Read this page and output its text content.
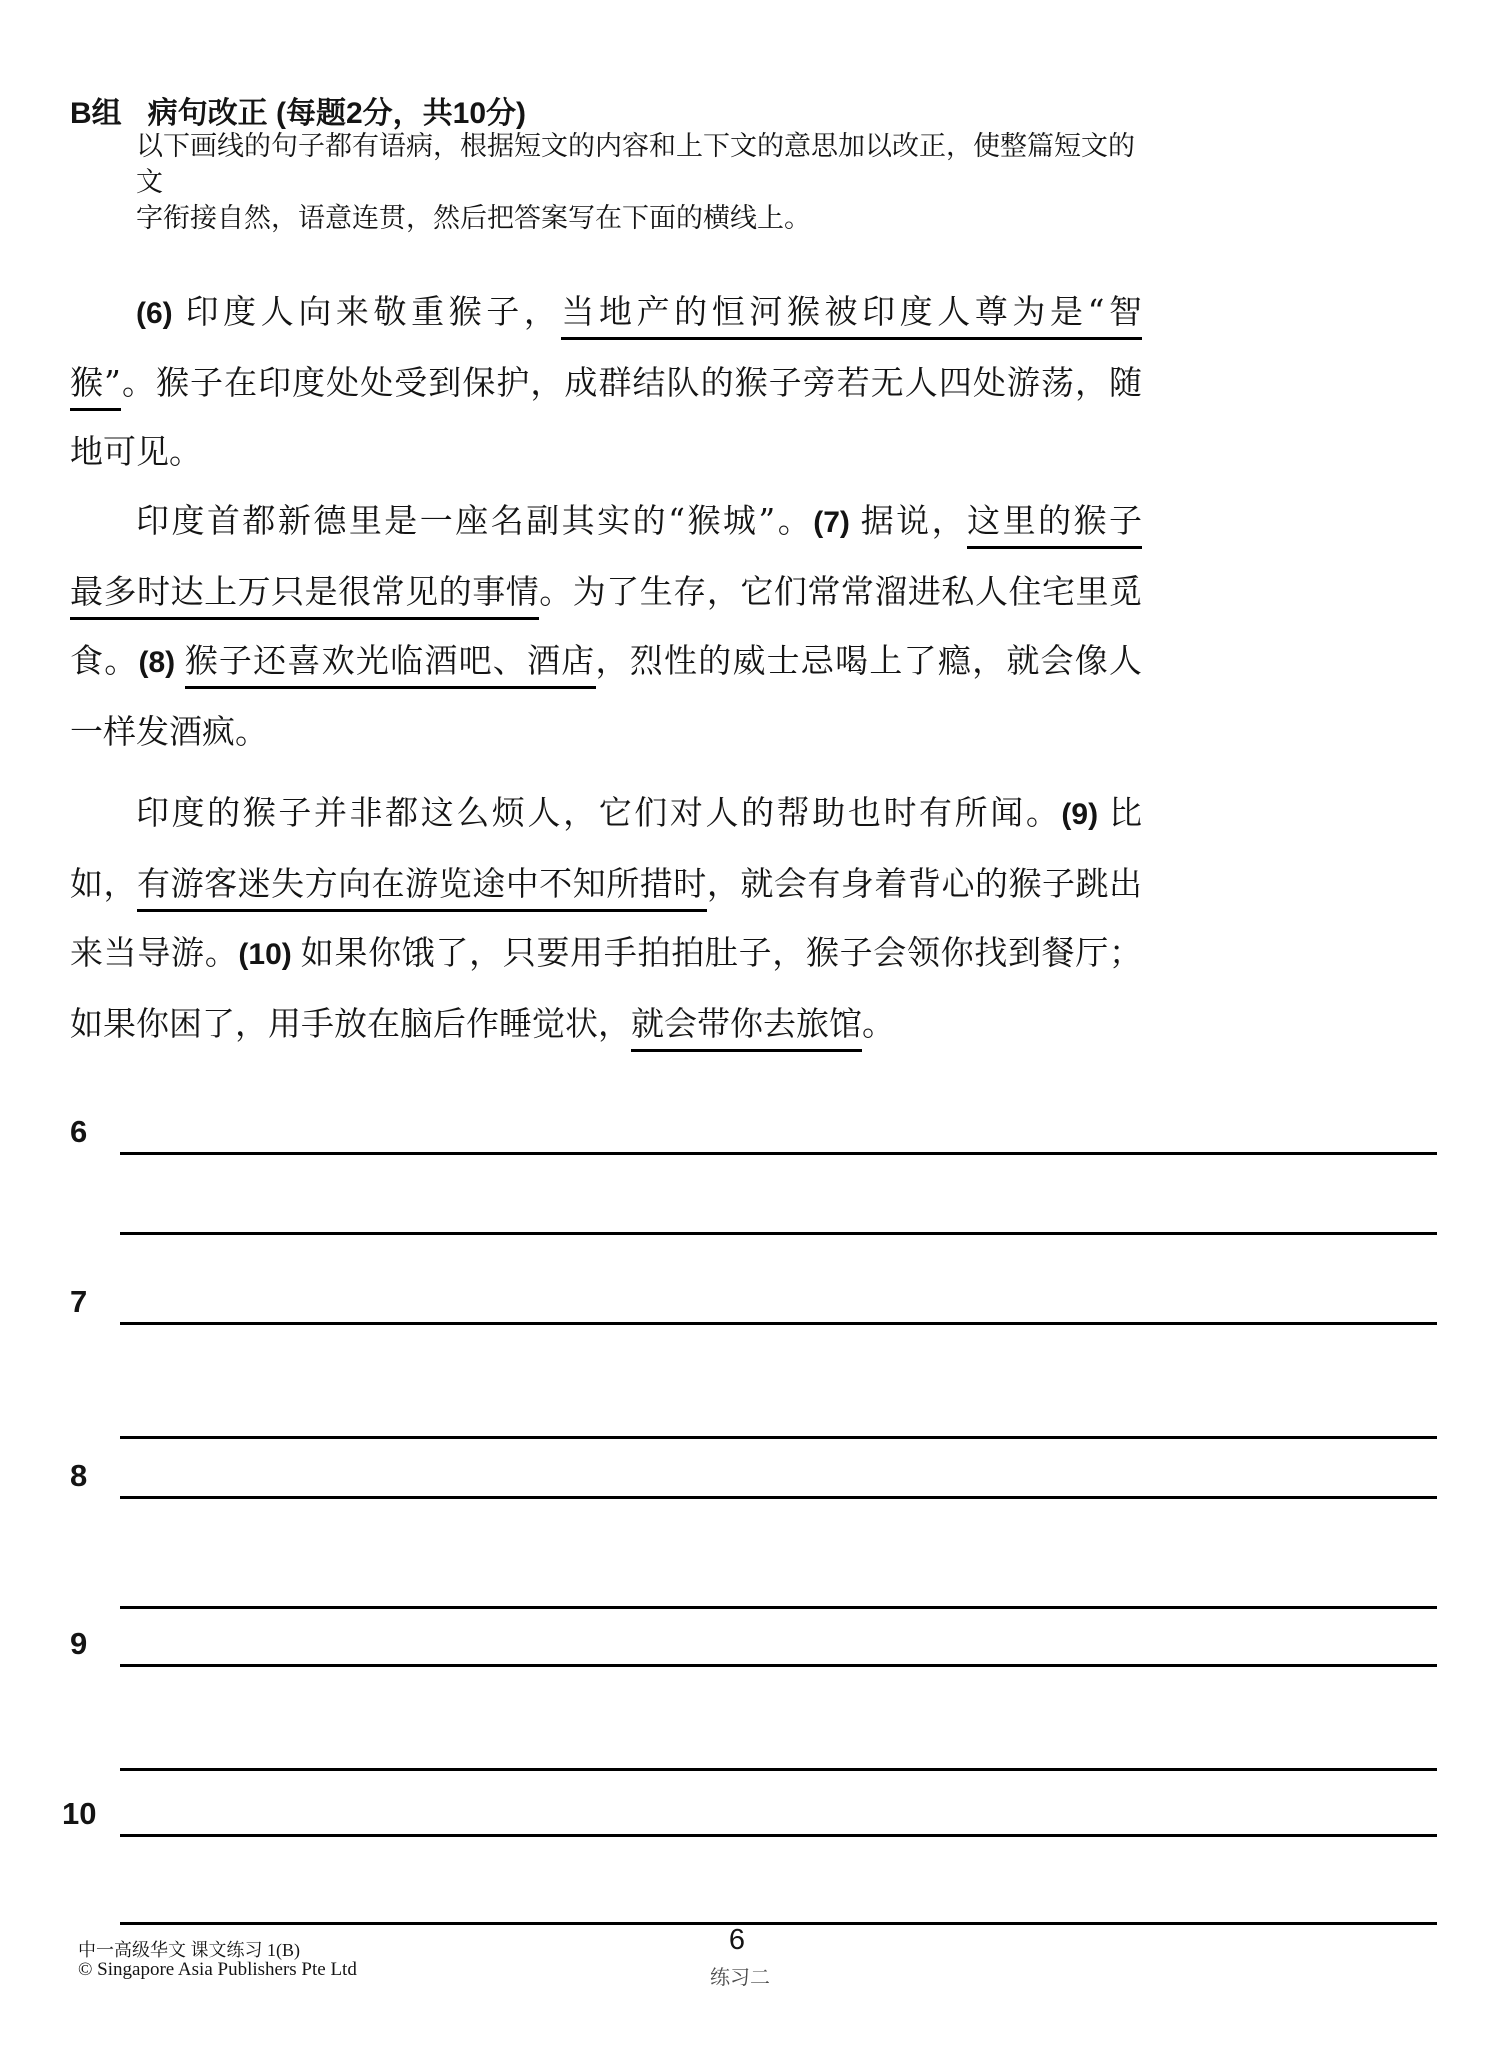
B组 病句改正 (每题2分，共10分)
以下画线的句子都有语病，根据短文的内容和上下文的意思加以改正，使整篇短文的文
字衔接自然，语意连贯，然后把答案写在下面的横线上。
(6) 印度人向来敬重猴子，当地产的恒河猴被印度人尊为是“智
猴”。猴子在印度处处受到保护，成群结队的猴子旁若无人四处游荡，随
地可见。
印度首都新德里是一座名副其实的“猴城”。(7) 据说，这里的猴子
最多时达上万只是很常见的事情。为了生存，它们常常溜进私人住宅里觅
食。(8) 猴子还喜欢光临酒吧、酒店，烈性的威士忌喝上了瘾，就会像人
一样发酒疯。
印度的猴子并非都这么烦人，它们对人的帮助也时有所闻。(9) 比
如，有游客迷失方向在游览途中不知所措时，就会有身着背心的猴子跳出
来当导游。(10) 如果你饿了，只要用手拍拍肚子，猴子会领你找到餐厅；
如果你困了，用手放在脑后作睡觉状，就会带你去旅馆。
6
7
8
9
10
中一高级华文 课文练习 1(B)
© Singapore Asia Publishers Pte Ltd
6
练习二
